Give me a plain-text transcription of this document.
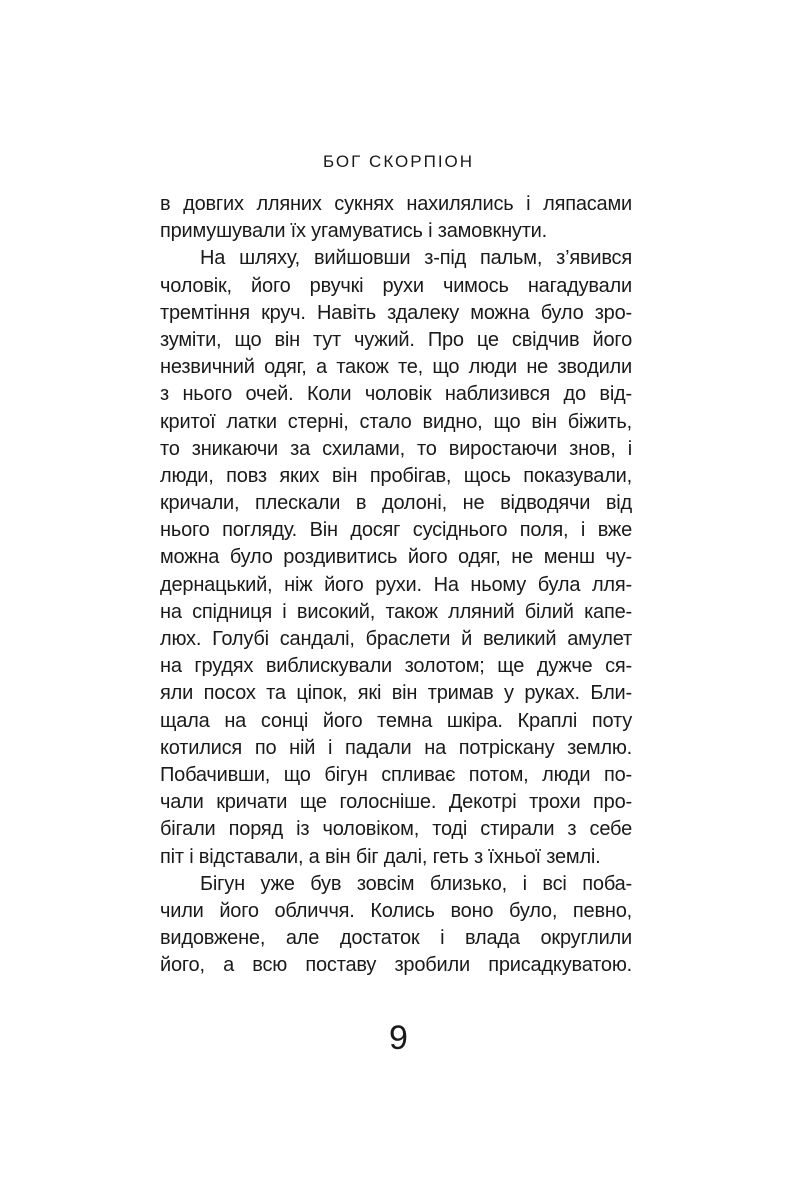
БОГ СКОРПІОН
в довгих лляних сукнях нахилялись і ляпасами
примушували їх угамуватись і замовкнути.
На шляху, вийшовши з-під пальм, з’явився
чоловік, його рвучкі рухи чимось нагадували
тремтіння круч. Навіть здалеку можна було зро-
зуміти, що він тут чужий. Про це свідчив його
незвичний одяг, а також те, що люди не зводили
з нього очей. Коли чоловік наблизився до від-
критої латки стерні, стало видно, що він біжить,
то зникаючи за схилами, то виростаючи знов, і
люди, повз яких він пробігав, щось показували,
кричали, плескали в долоні, не відводячи від
нього погляду. Він досяг сусіднього поля, і вже
можна було роздивитись його одяг, не менш чу-
дернацький, ніж його рухи. На ньому була лля-
на спідниця і високий, також лляний білий капе-
люх. Голубі сандалі, браслети й великий амулет
на грудях виблискували золотом; ще дужче ся-
яли посох та ціпок, які він тримав у руках. Бли-
щала на сонці його темна шкіра. Краплі поту
котилися по ній і падали на потріскану землю.
Побачивши, що бігун спливає потом, люди по-
чали кричати ще голосніше. Декотрі трохи про-
бігали поряд із чоловіком, тоді стирали з себе
піт і відставали, а він біг далі, геть з їхньої землі.
Бігун уже був зовсім близько, і всі поба-
чили його обличчя. Колись воно було, певно,
видовжене, але достаток і влада округлили
його, а всю поставу зробили присадкуватою.
9
